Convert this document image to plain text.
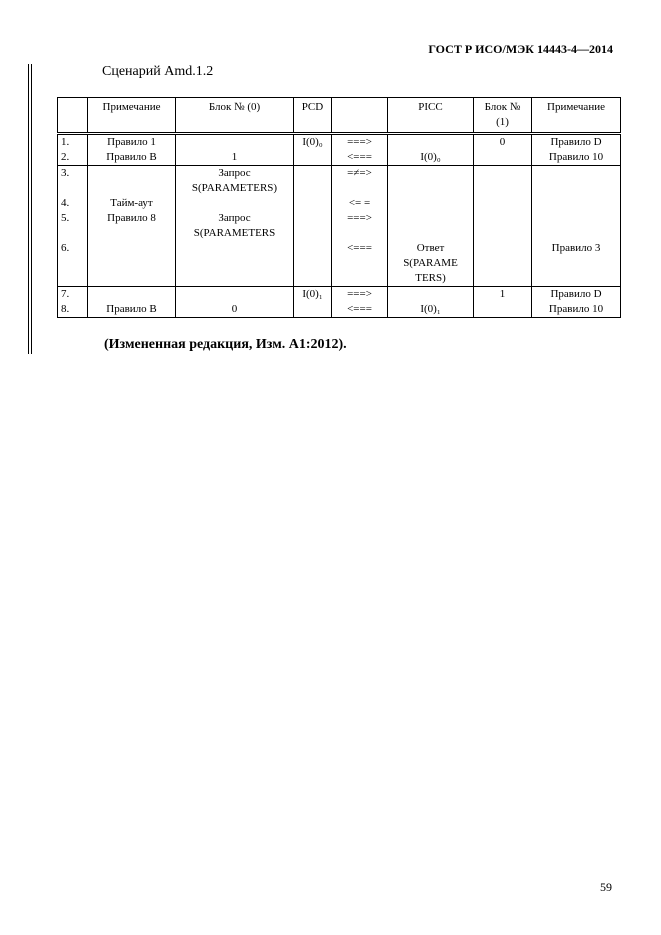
ГОСТ Р ИСО/МЭК 14443-4—2014
Сценарий Amd.1.2
	Примечание	Блок № (0)	PCD		PICC	Блок № (1)	Примечание
1.	Правило 1		I(0)₀	===>		0	Правило D
2.	Правило B	1		<===	I(0)₀		Правило 10
3.		Запрос S(PARAMETERS)		=≠=>			
4.	Тайм-аут			<= =			
5.	Правило 8	Запрос S(PARAMETERS		===>			
6.				<===	Ответ S(PARAME TERS)		Правило 3
7.			I(0)₁	===>		1	Правило D
8.	Правило B	0		<===	I(0)₁		Правило 10
(Измененная редакция, Изм. А1:2012).
59
